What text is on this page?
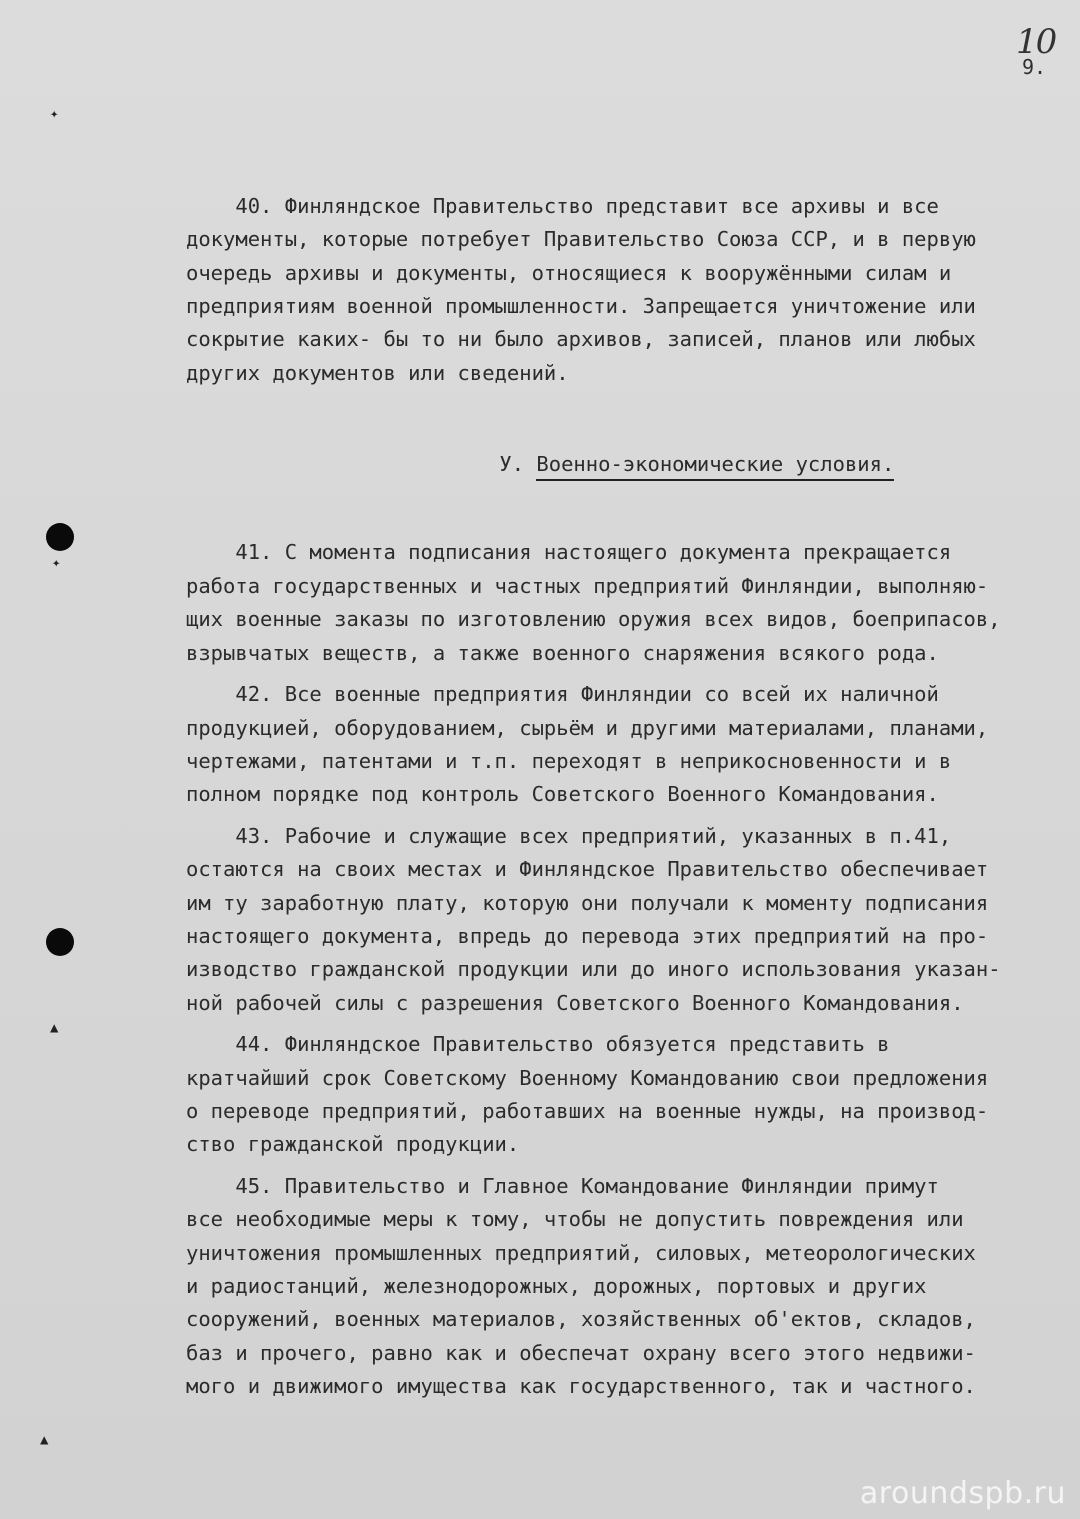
10
9.
✦
✦
▲
▲

40. Финляндское Правительство представит все архивы и все
документы, которые потребует Правительство Союза ССР, и в первую
очередь архивы и документы, относящиеся к вооружёнными силам и
предприятиям военной промышленности. Запрещается уничтожение или
сокрытие каких- бы то ни было архивов, записей, планов или любых
других документов или сведений.

У. Военно-экономические условия.

41. С момента подписания настоящего документа прекращается
работа государственных и частных предприятий Финляндии, выполняю-
щих военные заказы по изготовлению оружия всех видов, боеприпасов,
взрывчатых веществ, а также военного снаряжения всякого рода.
42. Все военные предприятия Финляндии со всей их наличной
продукцией, оборудованием, сырьём и другими материалами, планами,
чертежами, патентами и т.п. переходят в неприкосновенности и в
полном порядке под контроль Советского Военного Командования.
43. Рабочие и служащие всех предприятий, указанных в п.41,
остаются на своих местах и Финляндское Правительство обеспечивает
им ту заработную плату, которую они получали к моменту подписания
настоящего документа, впредь до перевода этих предприятий на про-
изводство гражданской продукции или до иного использования указан-
ной рабочей силы с разрешения Советского Военного Командования.
44. Финляндское Правительство обязуется представить в
кратчайший срок Советскому Военному Командованию свои предложения
о переводе предприятий, работавших на военные нужды, на производ-
ство гражданской продукции.
45. Правительство и Главное Командование Финляндии примут
все необходимые меры к тому, чтобы не допустить повреждения или
уничтожения промышленных предприятий, силовых, метеорологических
и радиостанций, железнодорожных, дорожных, портовых и других
сооружений, военных материалов, хозяйственных об'ектов, складов,
баз и прочего, равно как и обеспечат охрану всего этого недвижи-
мого и движимого имущества как государственного, так и частного.

aroundspb.ru
